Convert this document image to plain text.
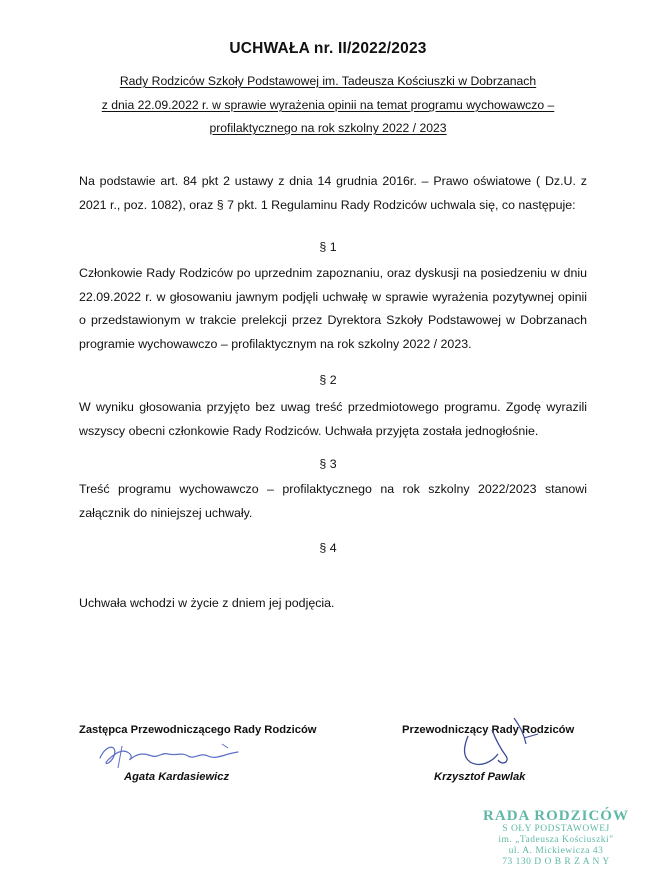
UCHWAŁA nr. II/2022/2023
Rady Rodziców Szkoły Podstawowej im. Tadeusza Kościuszki w Dobrzanach
z dnia 22.09.2022 r. w sprawie wyrażenia opinii na temat programu wychowawczo –
profilaktycznego na rok szkolny 2022 / 2023
Na podstawie art. 84 pkt 2 ustawy z dnia 14 grudnia 2016r. – Prawo oświatowe ( Dz.U. z 2021 r., poz. 1082), oraz § 7 pkt. 1 Regulaminu Rady Rodziców uchwala się, co następuje:
§ 1
Członkowie Rady Rodziców po uprzednim zapoznaniu, oraz dyskusji na posiedzeniu w dniu 22.09.2022 r. w głosowaniu jawnym podjęli uchwałę w sprawie wyrażenia pozytywnej opinii o przedstawionym w trakcie prelekcji przez Dyrektora Szkoły Podstawowej w Dobrzanach programie wychowawczo – profilaktycznym na rok szkolny 2022 / 2023.
§ 2
W wyniku głosowania przyjęto bez uwag treść przedmiotowego programu. Zgodę wyrazili wszyscy obecni członkowie Rady Rodziców. Uchwała przyjęta została jednogłośnie.
§ 3
Treść programu wychowawczo – profilaktycznego na rok szkolny 2022/2023 stanowi załącznik do niniejszej uchwały.
§ 4
Uchwała wchodzi w życie z dniem jej podjęcia.
Zastępca Przewodniczącego Rady Rodziców
Agata Kardasiewicz
Przewodniczący Rady Rodziców
Krzysztof Pawlak
RADA RODZICÓW
S OŁY PODSTAWOWEJ
im. „Tadeusza Kościuszki"
ul. A. Mickiewicza 43
73 130 D O B R Z A N Y
